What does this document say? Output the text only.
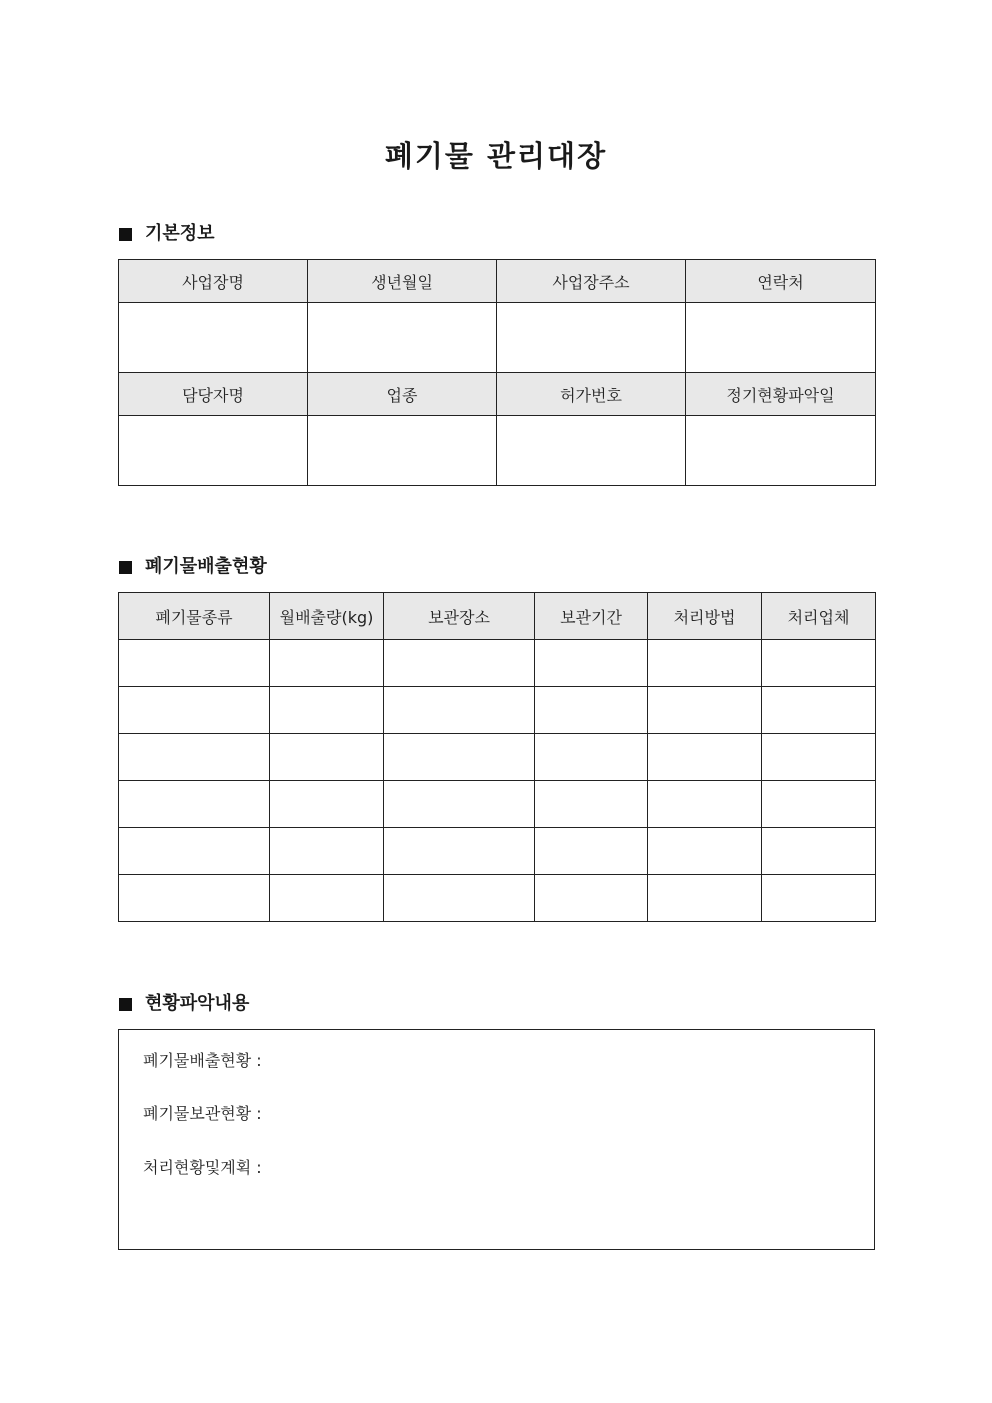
폐기물 관리대장
기본정보
사업장명	생년월일	사업장주소	연락처

담당자명	업종	허가번호	정기현황파악일

폐기물배출현황
폐기물종류	월배출량(kg)	보관장소	보관기간	처리방법	처리업체

현황파악내용
폐기물배출현황 :
폐기물보관현황 :
처리현황및계획 :
